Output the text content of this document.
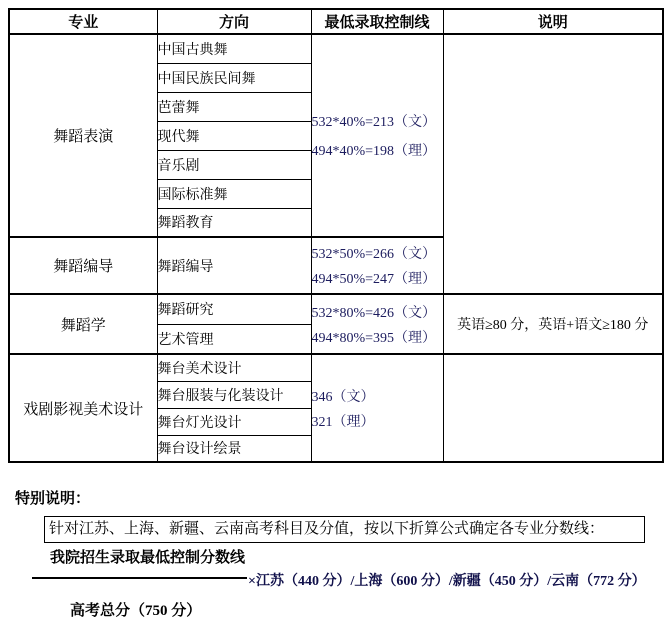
专业	方向	最低录取控制线	说明
舞蹈表演	中国古典舞	532*40%=213（文）
494*40%=198（理）	

	中国民族民间舞		
	芭蕾舞		
	现代舞		
	音乐剧		
	国际标准舞		
	舞蹈教育		
舞蹈编导	舞蹈编导	532*50%=266（文）
494*50%=247（理）	

舞蹈学	舞蹈研究	532*80%=426（文）
494*80%=395（理）	英语≥80 分，英语+语文≥180 分
	艺术管理		
戏剧影视美术设计	舞台美术设计	346（文）
321（理）	

	舞台服装与化装设计		
	舞台灯光设计		
	舞台设计绘景		
特别说明：
针对江苏、上海、新疆、云南高考科目及分值，按以下折算公式确定各专业分数线：
我院招生录取最低控制分数线
×江苏（440 分）/上海（600 分）/新疆（450 分）/云南（772 分）
高考总分（750 分）
